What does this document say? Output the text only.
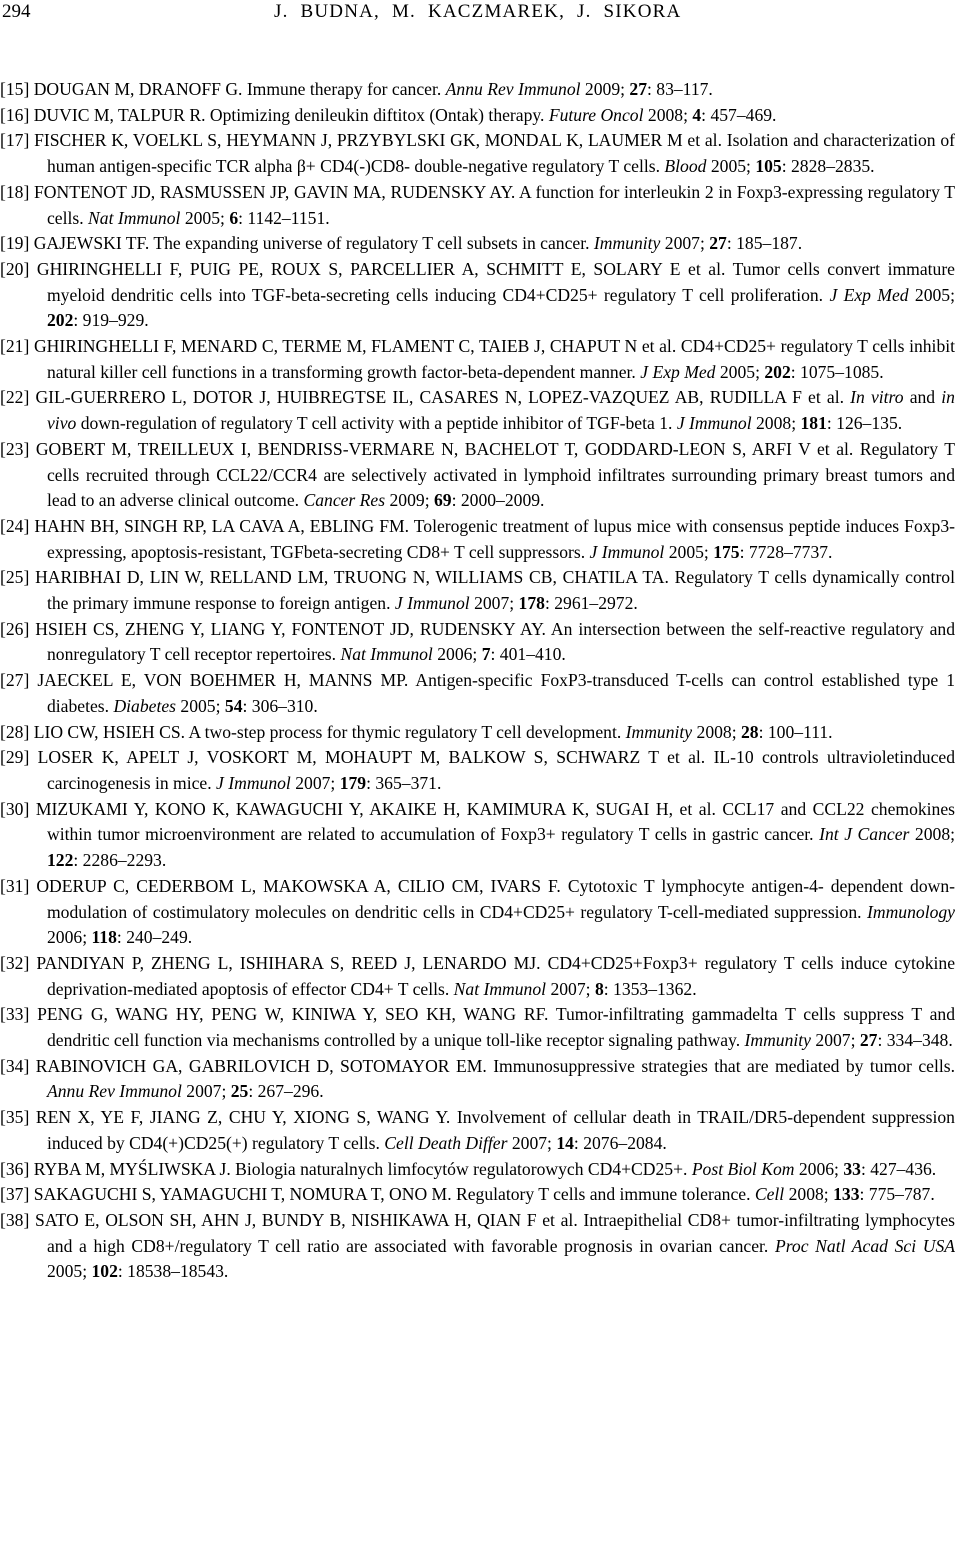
294	J. BUDNA, M. KACZMAREK, J. SIKORA
[15] DOUGAN M, DRANOFF G. Immune therapy for cancer. Annu Rev Immunol 2009; 27: 83–117.
[16] DUVIC M, TALPUR R. Optimizing denileukin diftitox (Ontak) therapy. Future Oncol 2008; 4: 457–469.
[17] FISCHER K, VOELKL S, HEYMANN J, PRZYBYLSKI GK, MONDAL K, LAUMER M et al. Isolation and characterization of human antigen-specific TCR alpha β+ CD4(-)CD8- double-negative regulatory T cells. Blood 2005; 105: 2828–2835.
[18] FONTENOT JD, RASMUSSEN JP, GAVIN MA, RUDENSKY AY. A function for interleukin 2 in Foxp3-expressing regulatory T cells. Nat Immunol 2005; 6: 1142–1151.
[19] GAJEWSKI TF. The expanding universe of regulatory T cell subsets in cancer. Immunity 2007; 27: 185–187.
[20] GHIRINGHELLI F, PUIG PE, ROUX S, PARCELLIER A, SCHMITT E, SOLARY E et al. Tumor cells convert immature myeloid dendritic cells into TGF-beta-secreting cells inducing CD4+CD25+ regulatory T cell proliferation. J Exp Med 2005; 202: 919–929.
[21] GHIRINGHELLI F, MENARD C, TERME M, FLAMENT C, TAIEB J, CHAPUT N et al. CD4+CD25+ regulatory T cells inhibit natural killer cell functions in a transforming growth factor-beta-dependent manner. J Exp Med 2005; 202: 1075–1085.
[22] GIL-GUERRERO L, DOTOR J, HUIBREGTSE IL, CASARES N, LOPEZ-VAZQUEZ AB, RUDILLA F et al. In vitro and in vivo down-regulation of regulatory T cell activity with a peptide inhibitor of TGF-beta 1. J Immunol 2008; 181: 126–135.
[23] GOBERT M, TREILLEUX I, BENDRISS-VERMARE N, BACHELOT T, GODDARD-LEON S, ARFI V et al. Regulatory T cells recruited through CCL22/CCR4 are selectively activated in lymphoid infiltrates surrounding primary breast tumors and lead to an adverse clinical outcome. Cancer Res 2009; 69: 2000–2009.
[24] HAHN BH, SINGH RP, LA CAVA A, EBLING FM. Tolerogenic treatment of lupus mice with consensus peptide induces Foxp3-expressing, apoptosis-resistant, TGFbeta-secreting CD8+ T cell suppressors. J Immunol 2005; 175: 7728–7737.
[25] HARIBHAI D, LIN W, RELLAND LM, TRUONG N, WILLIAMS CB, CHATILA TA. Regulatory T cells dynamically control the primary immune response to foreign antigen. J Immunol 2007; 178: 2961–2972.
[26] HSIEH CS, ZHENG Y, LIANG Y, FONTENOT JD, RUDENSKY AY. An intersection between the self-reactive regulatory and nonregulatory T cell receptor repertoires. Nat Immunol 2006; 7: 401–410.
[27] JAECKEL E, VON BOEHMER H, MANNS MP. Antigen-specific FoxP3-transduced T-cells can control established type 1 diabetes. Diabetes 2005; 54: 306–310.
[28] LIO CW, HSIEH CS. A two-step process for thymic regulatory T cell development. Immunity 2008; 28: 100–111.
[29] LOSER K, APELT J, VOSKORT M, MOHAUPT M, BALKOW S, SCHWARZ T et al. IL-10 controls ultravioletinduced carcinogenesis in mice. J Immunol 2007; 179: 365–371.
[30] MIZUKAMI Y, KONO K, KAWAGUCHI Y, AKAIKE H, KAMIMURA K, SUGAI H, et al. CCL17 and CCL22 chemokines within tumor microenvironment are related to accumulation of Foxp3+ regulatory T cells in gastric cancer. Int J Cancer 2008; 122: 2286–2293.
[31] ODERUP C, CEDERBOM L, MAKOWSKA A, CILIO CM, IVARS F. Cytotoxic T lymphocyte antigen-4- dependent down-modulation of costimulatory molecules on dendritic cells in CD4+CD25+ regulatory T-cell-mediated suppression. Immunology 2006; 118: 240–249.
[32] PANDIYAN P, ZHENG L, ISHIHARA S, REED J, LENARDO MJ. CD4+CD25+Foxp3+ regulatory T cells induce cytokine deprivation-mediated apoptosis of effector CD4+ T cells. Nat Immunol 2007; 8: 1353–1362.
[33] PENG G, WANG HY, PENG W, KINIWA Y, SEO KH, WANG RF. Tumor-infiltrating gammadelta T cells suppress T and dendritic cell function via mechanisms controlled by a unique toll-like receptor signaling pathway. Immunity 2007; 27: 334–348.
[34] RABINOVICH GA, GABRILOVICH D, SOTOMAYOR EM. Immunosuppressive strategies that are mediated by tumor cells. Annu Rev Immunol 2007; 25: 267–296.
[35] REN X, YE F, JIANG Z, CHU Y, XIONG S, WANG Y. Involvement of cellular death in TRAIL/DR5-dependent suppression induced by CD4(+)CD25(+) regulatory T cells. Cell Death Differ 2007; 14: 2076–2084.
[36] RYBA M, MYŚLIWSKA J. Biologia naturalnych limfocytów regulatorowych CD4+CD25+. Post Biol Kom 2006; 33: 427–436.
[37] SAKAGUCHI S, YAMAGUCHI T, NOMURA T, ONO M. Regulatory T cells and immune tolerance. Cell 2008; 133: 775–787.
[38] SATO E, OLSON SH, AHN J, BUNDY B, NISHIKAWA H, QIAN F et al. Intraepithelial CD8+ tumor-infiltrating lymphocytes and a high CD8+/regulatory T cell ratio are associated with favorable prognosis in ovarian cancer. Proc Natl Acad Sci USA 2005; 102: 18538–18543.
